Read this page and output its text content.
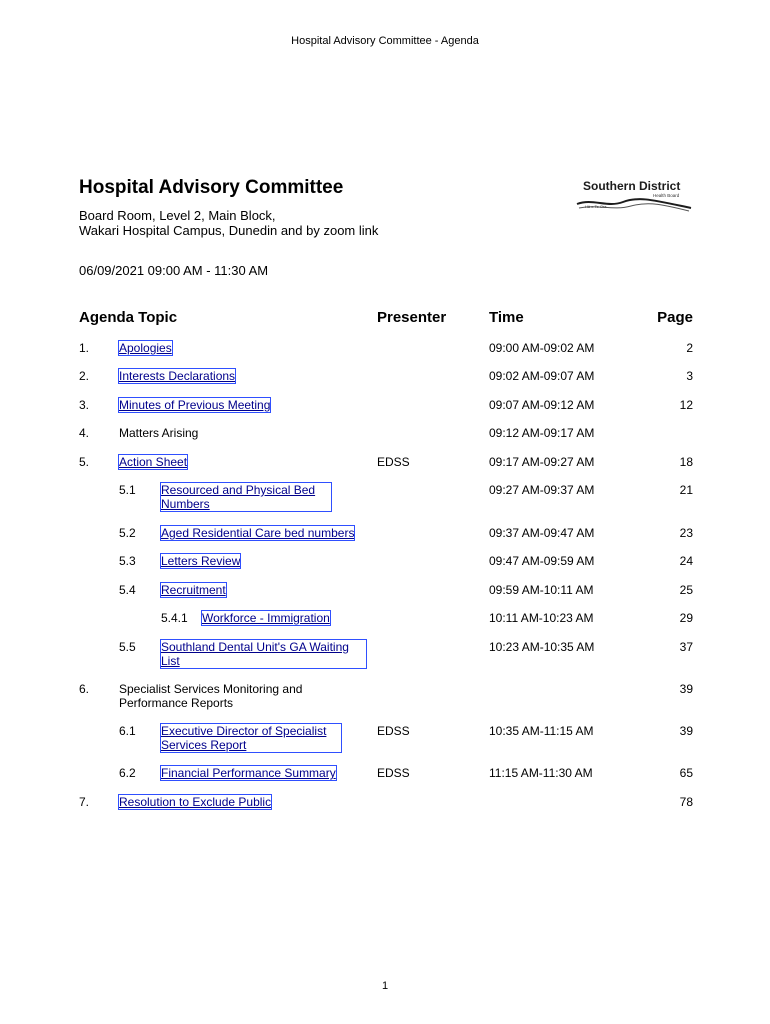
Hospital Advisory Committee - Agenda
Hospital Advisory Committee
Board Room, Level 2, Main Block,
Wakari Hospital Campus, Dunedin and by zoom link
06/09/2021 09:00 AM - 11:30 AM
Southern District
Health Board
Hā o Te Ora
Agenda Topic	Presenter	Time	Page
1. Apologies	09:00 AM-09:02 AM	2
2. Interests Declarations	09:02 AM-09:07 AM	3
3. Minutes of Previous Meeting	09:07 AM-09:12 AM	12
4. Matters Arising	09:12 AM-09:17 AM
5. Action Sheet	EDSS	09:17 AM-09:27 AM	18
5.1 Resourced and Physical Bed
Numbers
09:27 AM-09:37 AM	21
5.2 Aged Residential Care bed numbers	09:37 AM-09:47 AM	23
5.3 Letters Review	09:47 AM-09:59 AM	24
5.4 Recruitment	09:59 AM-10:11 AM	25
5.4.1 Workforce - Immigration	10:11 AM-10:23 AM	29
5.5 Southland Dental Unit's GA Waiting
List
10:23 AM-10:35 AM	37
6. Specialist Services Monitoring and
Performance Reports
39
6.1 Executive Director of Specialist
Services Report
EDSS	10:35 AM-11:15 AM	39
6.2 Financial Performance Summary	EDSS	11:15 AM-11:30 AM	65
7. Resolution to Exclude Public	78
1
